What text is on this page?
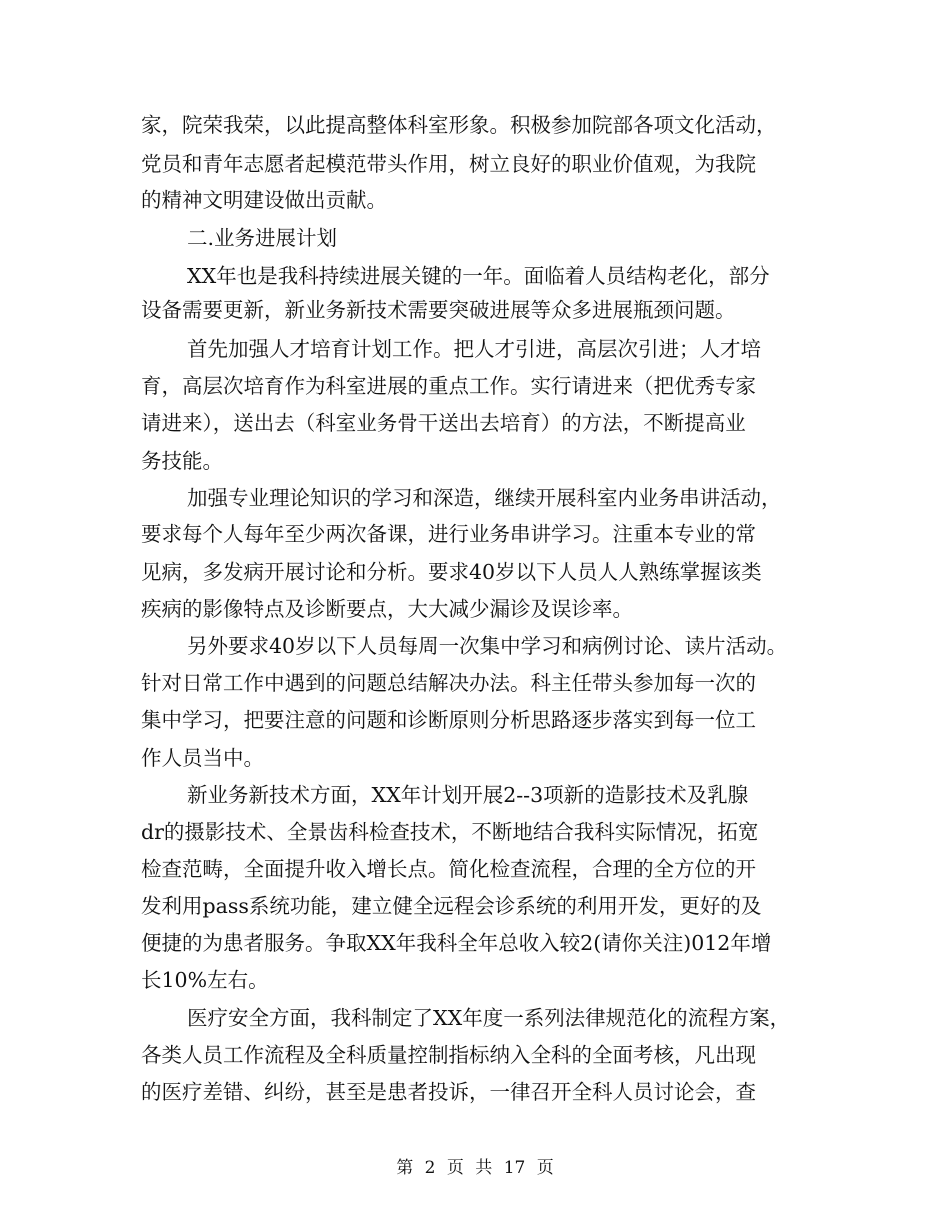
家，院荣我荣，以此提高整体科室形象。积极参加院部各项文化活动，
党员和青年志愿者起模范带头作用，树立良好的职业价值观，为我院
的精神文明建设做出贡献。
二.业务进展计划
XX年也是我科持续进展关键的一年。面临着人员结构老化，部分
设备需要更新，新业务新技术需要突破进展等众多进展瓶颈问题。
首先加强人才培育计划工作。把人才引进，高层次引进；人才培
育，高层次培育作为科室进展的重点工作。实行请进来（把优秀专家
请进来），送出去（科室业务骨干送出去培育）的方法，不断提高业
务技能。
加强专业理论知识的学习和深造，继续开展科室内业务串讲活动，
要求每个人每年至少两次备课，进行业务串讲学习。注重本专业的常
见病，多发病开展讨论和分析。要求40岁以下人员人人熟练掌握该类
疾病的影像特点及诊断要点，大大减少漏诊及误诊率。
另外要求40岁以下人员每周一次集中学习和病例讨论、读片活动。
针对日常工作中遇到的问题总结解决办法。科主任带头参加每一次的
集中学习，把要注意的问题和诊断原则分析思路逐步落实到每一位工
作人员当中。
新业务新技术方面，XX年计划开展2--3项新的造影技术及乳腺
dr的摄影技术、全景齿科检查技术，不断地结合我科实际情况，拓宽
检查范畴，全面提升收入增长点。简化检查流程，合理的全方位的开
发利用pass系统功能，建立健全远程会诊系统的利用开发，更好的及
便捷的为患者服务。争取XX年我科全年总收入较2(请你关注)012年增
长10%左右。
医疗安全方面，我科制定了XX年度一系列法律规范化的流程方案，
各类人员工作流程及全科质量控制指标纳入全科的全面考核，凡出现
的医疗差错、纠纷，甚至是患者投诉，一律召开全科人员讨论会，查
第 2 页 共 17 页
